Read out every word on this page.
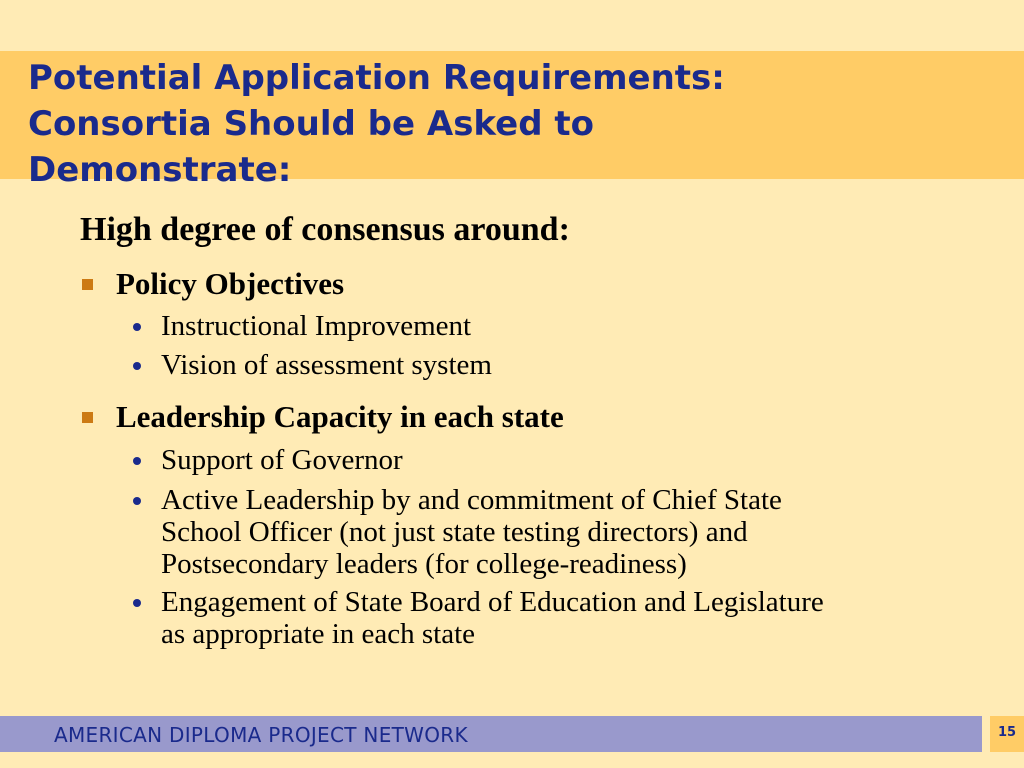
Potential Application Requirements:
Consortia Should be Asked to
Demonstrate:

High degree of consensus around:

Policy Objectives
Instructional Improvement
Vision of assessment system
Leadership Capacity in each state
Support of Governor
Active Leadership by and commitment of Chief State
School Officer (not just state testing directors) and
Postsecondary leaders (for college-readiness)
Engagement of State Board of Education and Legislature
as appropriate in each state
AMERICAN DIPLOMA PROJECT NETWORK	15
